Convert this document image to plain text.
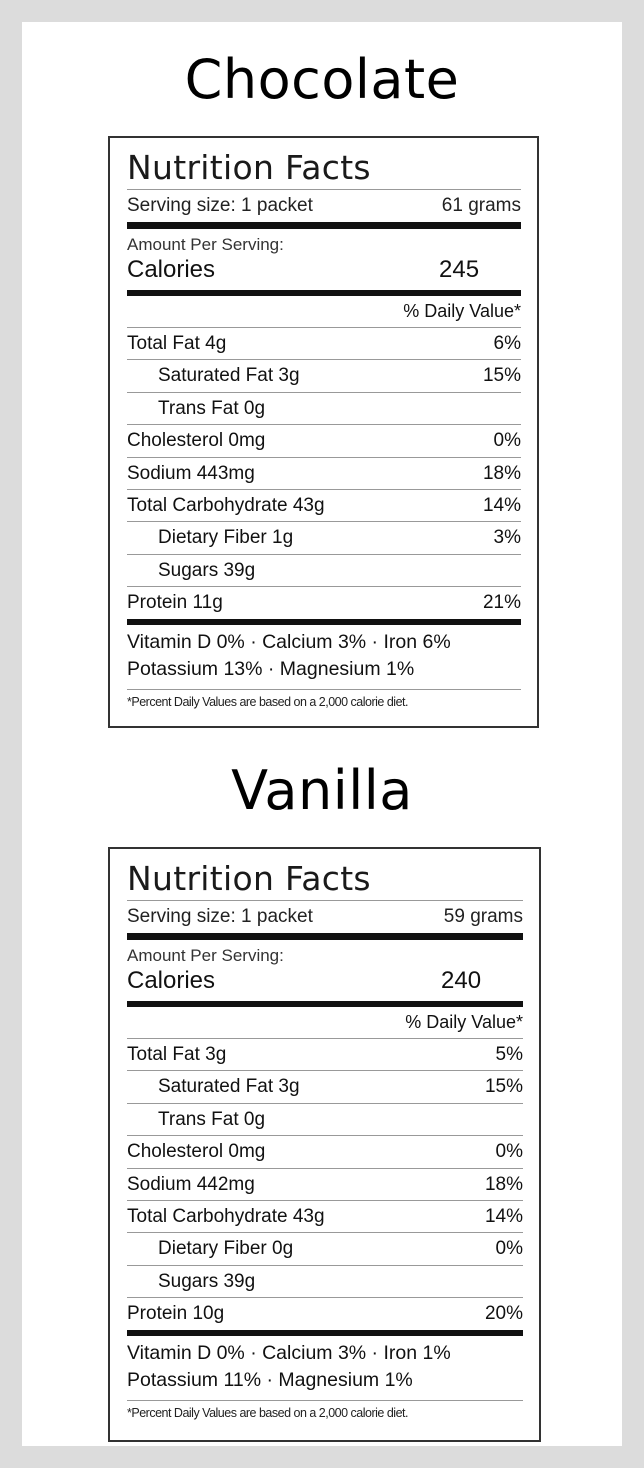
Chocolate
Nutrition Facts
Serving size: 1 packet	61 grams
Amount Per Serving:
Calories	245
% Daily Value*
Total Fat 4g	6%
Saturated Fat 3g	15%
Trans Fat 0g
Cholesterol 0mg	0%
Sodium 443mg	18%
Total Carbohydrate 43g	14%
Dietary Fiber 1g	3%
Sugars 39g
Protein 11g	21%
Vitamin D 0% · Calcium 3% · Iron 6%
Potassium 13% · Magnesium 1%
*Percent Daily Values are based on a 2,000 calorie diet.
Vanilla
Nutrition Facts
Serving size: 1 packet	59 grams
Amount Per Serving:
Calories	240
% Daily Value*
Total Fat 3g	5%
Saturated Fat 3g	15%
Trans Fat 0g
Cholesterol 0mg	0%
Sodium 442mg	18%
Total Carbohydrate 43g	14%
Dietary Fiber 0g	0%
Sugars 39g
Protein 10g	20%
Vitamin D 0% · Calcium 3% · Iron 1%
Potassium 11% · Magnesium 1%
*Percent Daily Values are based on a 2,000 calorie diet.
